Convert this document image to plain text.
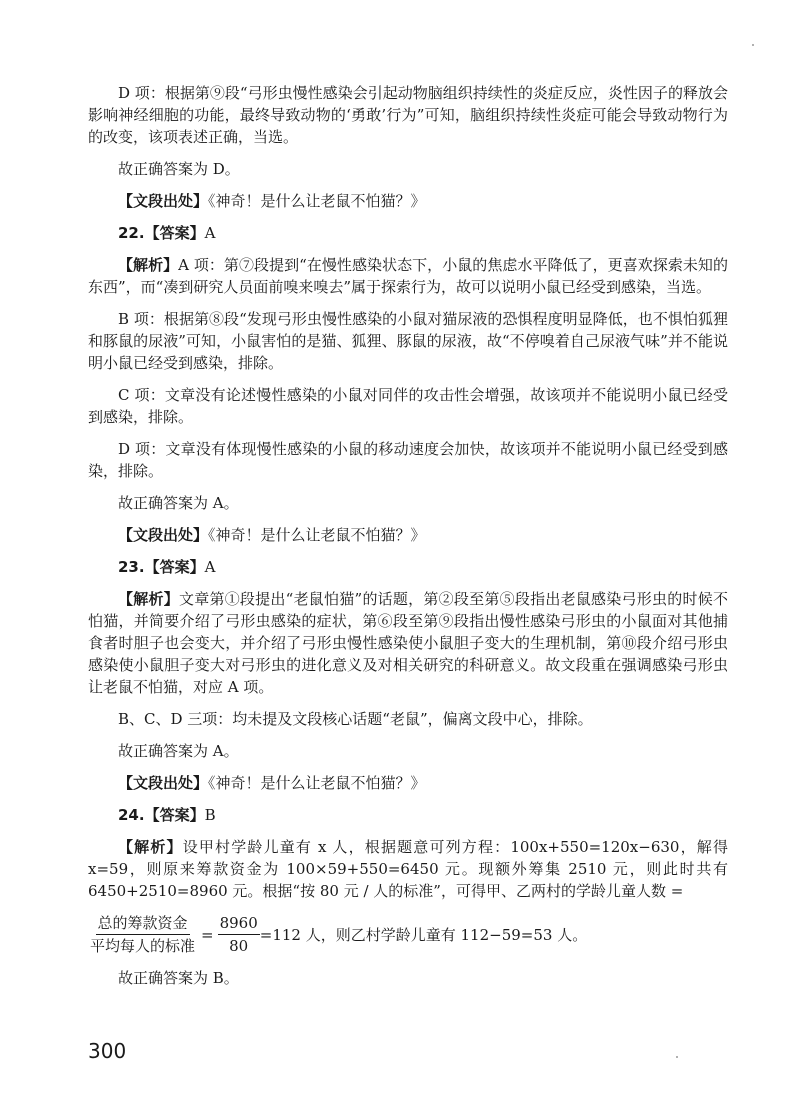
D 项：根据第⑨段“弓形虫慢性感染会引起动物脑组织持续性的炎症反应，炎性因子的释放会影响神经细胞的功能，最终导致动物的‘勇敢’行为”可知，脑组织持续性炎症可能会导致动物行为的改变，该项表述正确，当选。

故正确答案为 D。

【文段出处】《神奇！是什么让老鼠不怕猫？》

22.【答案】A

【解析】A 项：第⑦段提到“在慢性感染状态下，小鼠的焦虑水平降低了，更喜欢探索未知的东西”，而“凑到研究人员面前嗅来嗅去”属于探索行为，故可以说明小鼠已经受到感染，当选。

B 项：根据第⑧段“发现弓形虫慢性感染的小鼠对猫尿液的恐惧程度明显降低，也不惧怕狐狸和豚鼠的尿液”可知，小鼠害怕的是猫、狐狸、豚鼠的尿液，故“不停嗅着自己尿液气味”并不能说明小鼠已经受到感染，排除。

C 项：文章没有论述慢性感染的小鼠对同伴的攻击性会增强，故该项并不能说明小鼠已经受到感染，排除。

D 项：文章没有体现慢性感染的小鼠的移动速度会加快，故该项并不能说明小鼠已经受到感染，排除。

故正确答案为 A。

【文段出处】《神奇！是什么让老鼠不怕猫？》

23.【答案】A

【解析】文章第①段提出“老鼠怕猫”的话题，第②段至第⑤段指出老鼠感染弓形虫的时候不怕猫，并简要介绍了弓形虫感染的症状，第⑥段至第⑨段指出慢性感染弓形虫的小鼠面对其他捕食者时胆子也会变大，并介绍了弓形虫慢性感染使小鼠胆子变大的生理机制，第⑩段介绍弓形虫感染使小鼠胆子变大对弓形虫的进化意义及对相关研究的科研意义。故文段重在强调感染弓形虫让老鼠不怕猫，对应 A 项。

B、C、D 三项：均未提及文段核心话题“老鼠”，偏离文段中心，排除。

故正确答案为 A。

【文段出处】《神奇！是什么让老鼠不怕猫？》

24.【答案】B

【解析】设甲村学龄儿童有 x 人，根据题意可列方程：100x+550=120x−630，解得 x=59，则原来筹款资金为 100×59+550=6450 元。现额外筹集 2510 元，则此时共有 6450+2510=8960 元。根据“按 80 元 / 人的标准”，可得甲、乙两村的学龄儿童人数 =

$\frac{\text{总的筹款资金}}{\text{平均每人的标准}} = \frac{8960}{80} =112$ 人，则乙村学龄儿童有 112−59=53 人。

故正确答案为 B。

300
